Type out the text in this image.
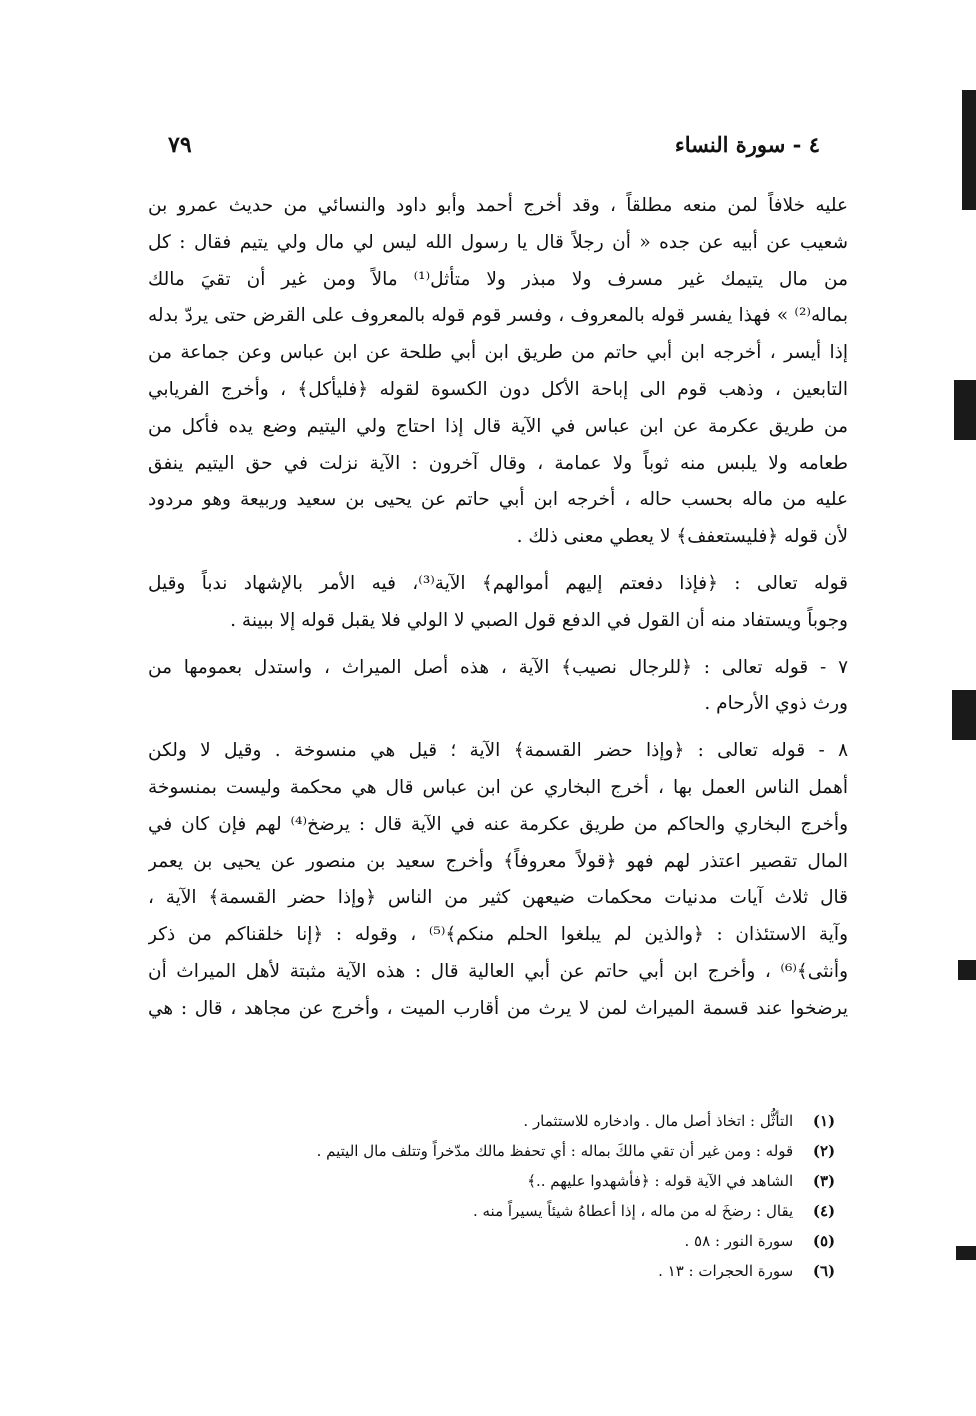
٤ - سورة النساء
٧٩
عليه خلافاً لمن منعه مطلقاً ، وقد أخرج أحمد وأبو داود والنسائي من حديث عمرو بن
شعيب عن أبيه عن جده « أن رجلاً قال يا رسول الله ليس لي مال ولي يتيم فقال : كل
من مال يتيمك غير مسرف ولا مبذر ولا متأثل⁽¹⁾ مالاً ومن غير أن تقيَ مالك
بماله⁽²⁾ » فهذا يفسر قوله بالمعروف ، وفسر قوم قوله بالمعروف على القرض حتى يردّ بدله
إذا أيسر ، أخرجه ابن أبي حاتم من طريق ابن أبي طلحة عن ابن عباس وعن جماعة من
التابعين ، وذهب قوم الى إباحة الأكل دون الكسوة لقوله ﴿فليأكل﴾ ، وأخرج الفريابي
من طريق عكرمة عن ابن عباس في الآية قال إذا احتاج ولي اليتيم وضع يده فأكل من
طعامه ولا يلبس منه ثوباً ولا عمامة ، وقال آخرون : الآية نزلت في حق اليتيم ينفق
عليه من ماله بحسب حاله ، أخرجه ابن أبي حاتم عن يحيى بن سعيد وربيعة وهو مردود
لأن قوله ﴿فليستعفف﴾ لا يعطي معنى ذلك .
قوله تعالى : ﴿فإذا دفعتم إليهم أموالهم﴾ الآية⁽³⁾، فيه الأمر بالإشهاد ندباً وقيل
وجوباً ويستفاد منه أن القول في الدفع قول الصبي لا الولي فلا يقبل قوله إلا ببينة .
٧ - قوله تعالى : ﴿للرجال نصيب﴾ الآية ، هذه أصل الميراث ، واستدل بعمومها من
ورث ذوي الأرحام .
٨ - قوله تعالى : ﴿وإذا حضر القسمة﴾ الآية ؛ قيل هي منسوخة . وقيل لا ولكن
أهمل الناس العمل بها ، أخرج البخاري عن ابن عباس قال هي محكمة وليست بمنسوخة
وأخرج البخاري والحاكم من طريق عكرمة عنه في الآية قال : يرضخ⁽⁴⁾ لهم فإن كان في
المال تقصير اعتذر لهم فهو ﴿قولاً معروفاً﴾ وأخرج سعيد بن منصور عن يحيى بن يعمر
قال ثلاث آيات مدنيات محكمات ضيعهن كثير من الناس ﴿وإذا حضر القسمة﴾ الآية ،
وآية الاستئذان : ﴿والذين لم يبلغوا الحلم منكم﴾⁽⁵⁾ ، وقوله : ﴿إنا خلقناكم من ذكر
وأنثى﴾⁽⁶⁾ ، وأخرج ابن أبي حاتم عن أبي العالية قال : هذه الآية مثبتة لأهل الميراث أن
يرضخوا عند قسمة الميراث لمن لا يرث من أقارب الميت ، وأخرج عن مجاهد ، قال : هي
(١) التأثُّل : اتخاذ أصل مال . وادخاره للاستثمار .
(٢) قوله : ومن غير أن تقي مالكَ بماله : أي تحفظ مالك مدّخراً وتتلف مال اليتيم .
(٣) الشاهد في الآية قوله : ﴿فأشهدوا عليهم ..﴾
(٤) يقال : رضخَ له من ماله ، إذا أعطاهُ شيئاً يسيراً منه .
(٥) سورة النور : ٥٨ .
(٦) سورة الحجرات : ١٣ .
